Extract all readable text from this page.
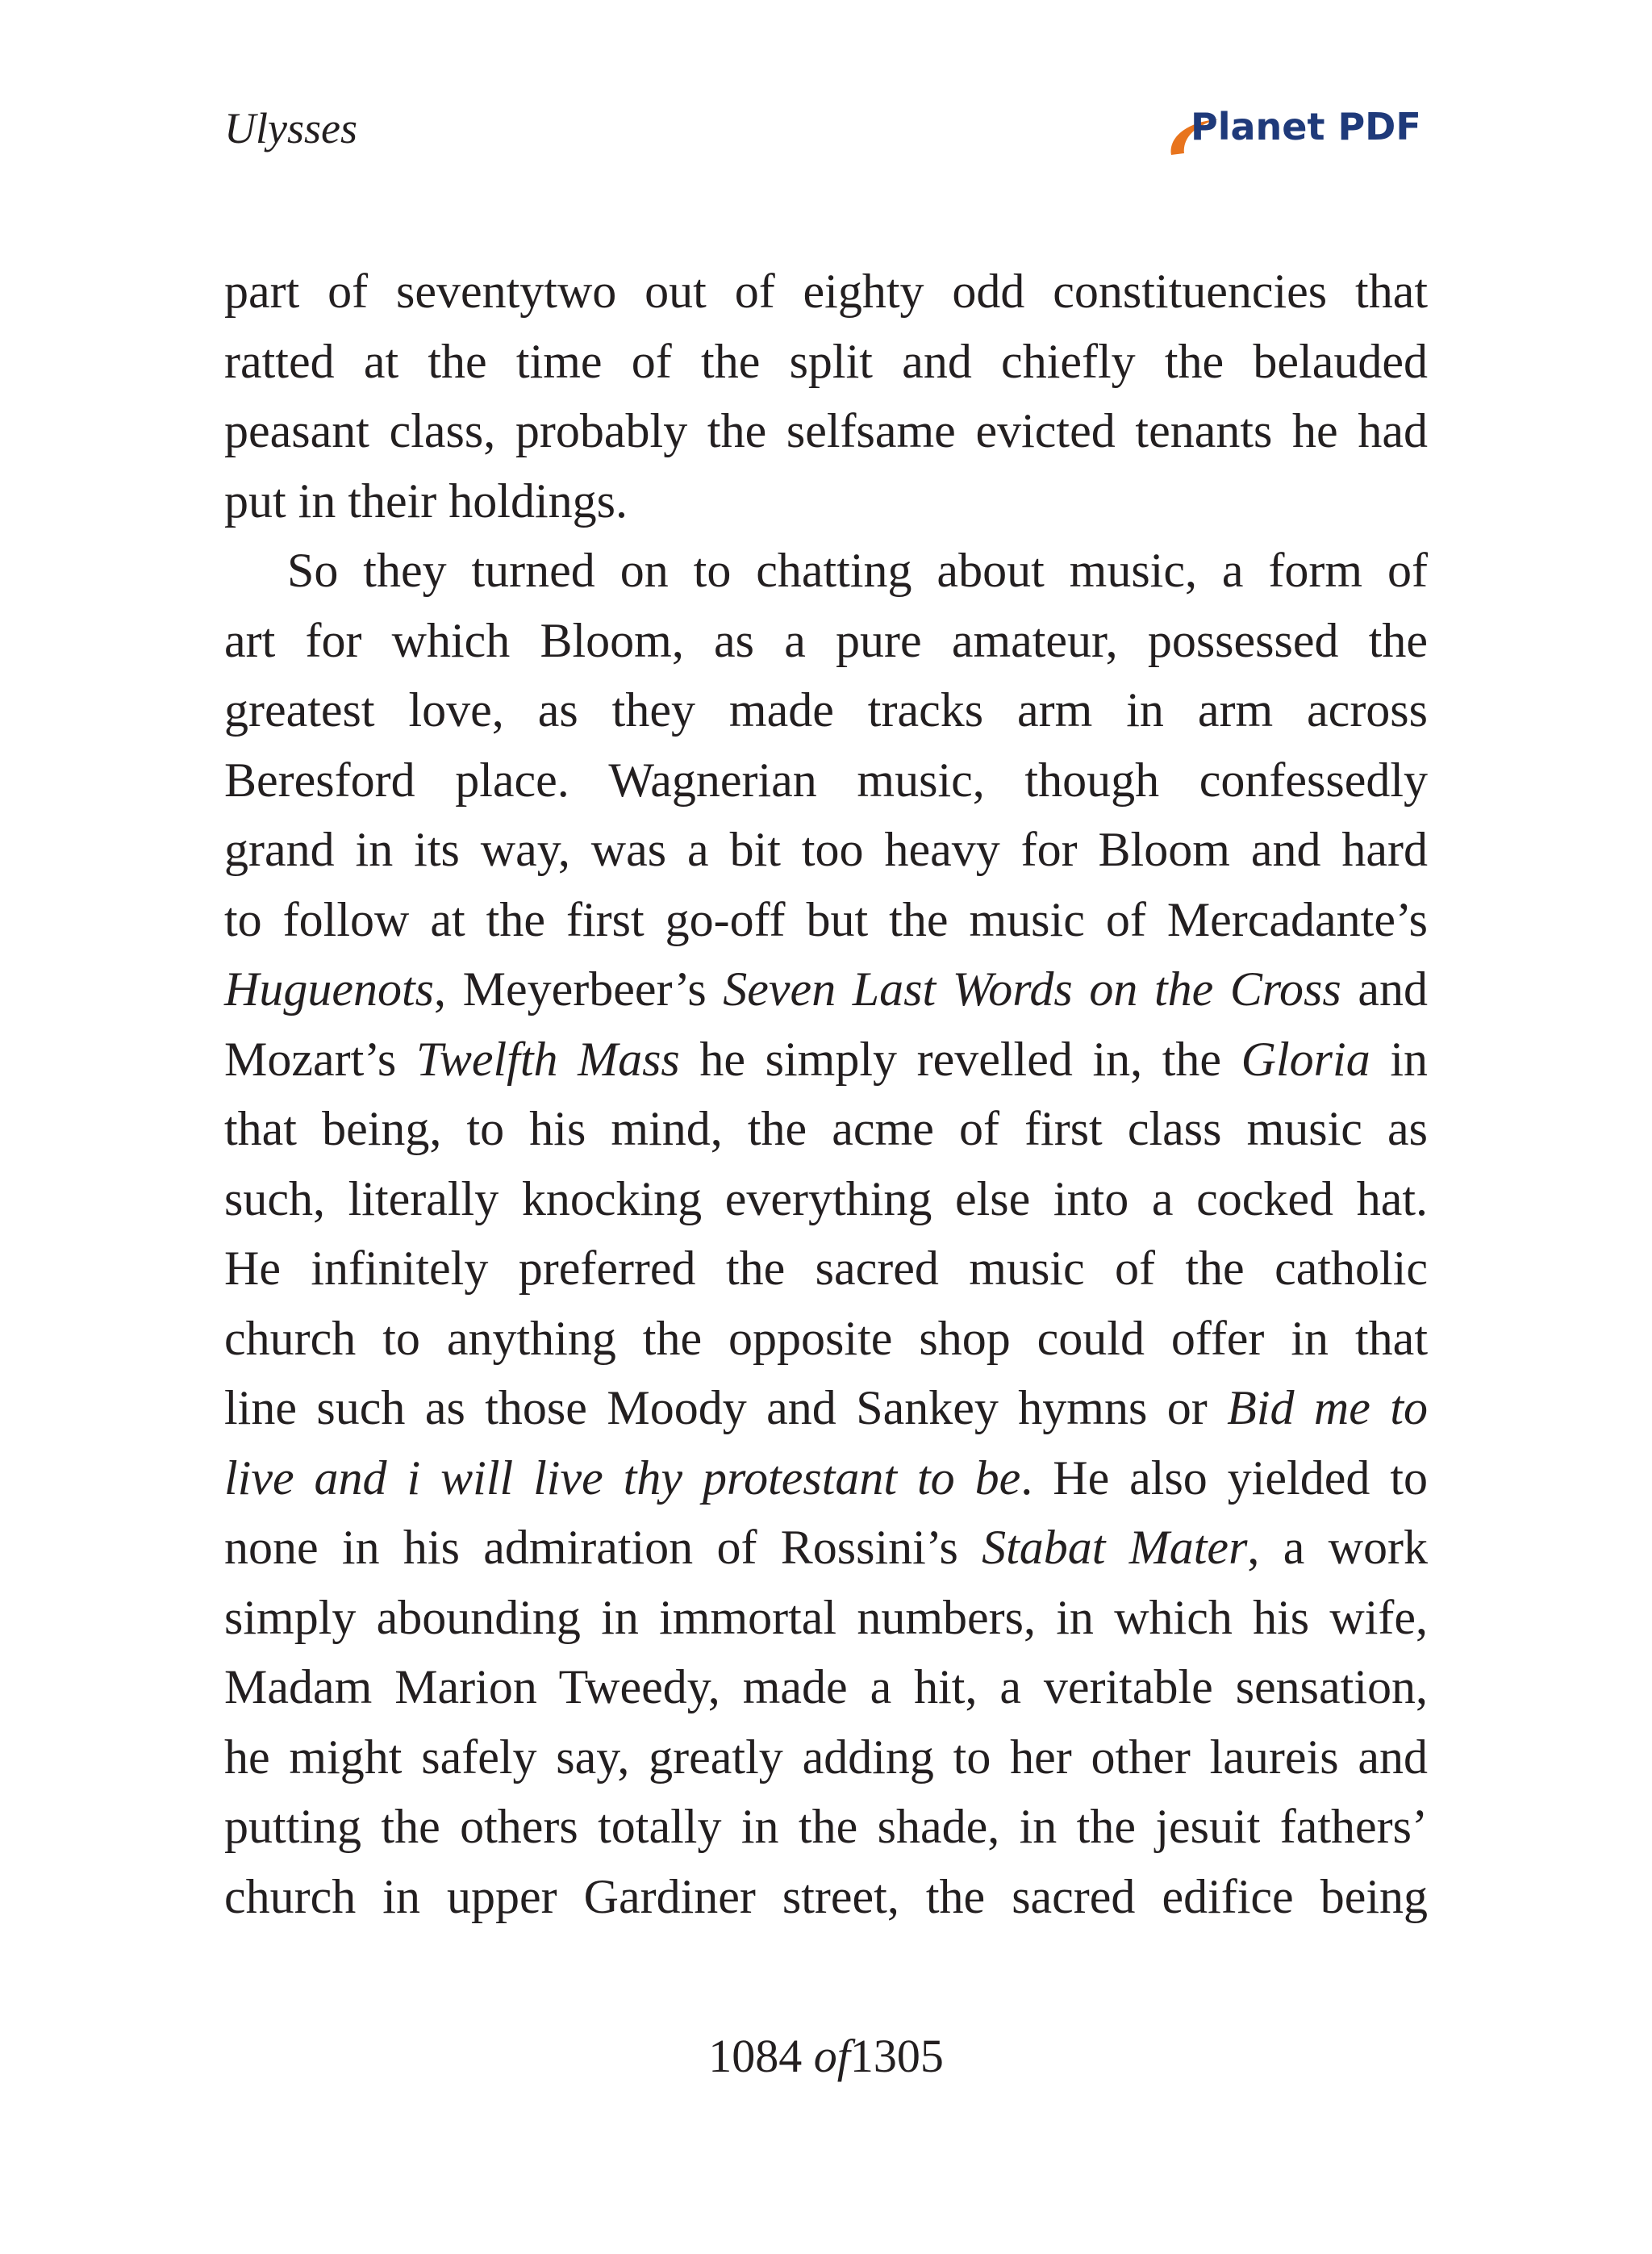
Ulysses	Planet PDF
part of seventytwo out of eighty odd constituencies that
ratted at the time of the split and chiefly the belauded
peasant class, probably the selfsame evicted tenants he had
put in their holdings.
So they turned on to chatting about music, a form of
art for which Bloom, as a pure amateur, possessed the
greatest love, as they made tracks arm in arm across
Beresford place. Wagnerian music, though confessedly
grand in its way, was a bit too heavy for Bloom and hard
to follow at the first go-off but the music of Mercadante’s
Huguenots, Meyerbeer’s Seven Last Words on the Cross and
Mozart’s Twelfth Mass he simply revelled in, the Gloria in
that being, to his mind, the acme of first class music as
such, literally knocking everything else into a cocked hat.
He infinitely preferred the sacred music of the catholic
church to anything the opposite shop could offer in that
line such as those Moody and Sankey hymns or Bid me to
live and i will live thy protestant to be. He also yielded to
none in his admiration of Rossini’s Stabat Mater, a work
simply abounding in immortal numbers, in which his wife,
Madam Marion Tweedy, made a hit, a veritable sensation,
he might safely say, greatly adding to her other laureis and
putting the others totally in the shade, in the jesuit fathers’
church in upper Gardiner street, the sacred edifice being
1084 of1305
